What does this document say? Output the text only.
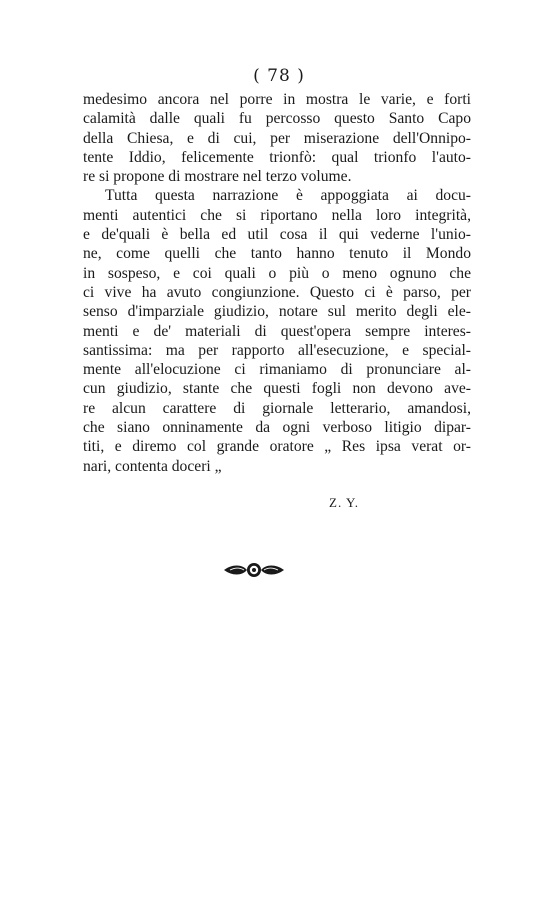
( 78 )
medesimo ancora nel porre in mostra le varie, e forti
calamità dalle quali fu percosso questo Santo Capo
della Chiesa, e di cui, per miserazione dell'Onnipo-
tente Iddio, felicemente trionfò: qual trionfo l'auto-
re si propone di mostrare nel terzo volume.
Tutta questa narrazione è appoggiata ai docu-
menti autentici che si riportano nella loro integrità,
e de'quali è bella ed util cosa il qui vederne l'unio-
ne, come quelli che tanto hanno tenuto il Mondo
in sospeso, e coi quali o più o meno ognuno che
ci vive ha avuto congiunzione. Questo ci è parso, per
senso d'imparziale giudizio, notare sul merito degli ele-
menti e de' materiali di quest'opera sempre interes-
santissima: ma per rapporto all'esecuzione, e special-
mente all'elocuzione ci rimaniamo di pronunciare al-
cun giudizio, stante che questi fogli non devono ave-
re alcun carattere di giornale letterario, amandosi,
che siano onninamente da ogni verboso litigio dipar-
titi, e diremo col grande oratore „ Res ipsa verat or-
nari, contenta doceri „
Z. Y.
